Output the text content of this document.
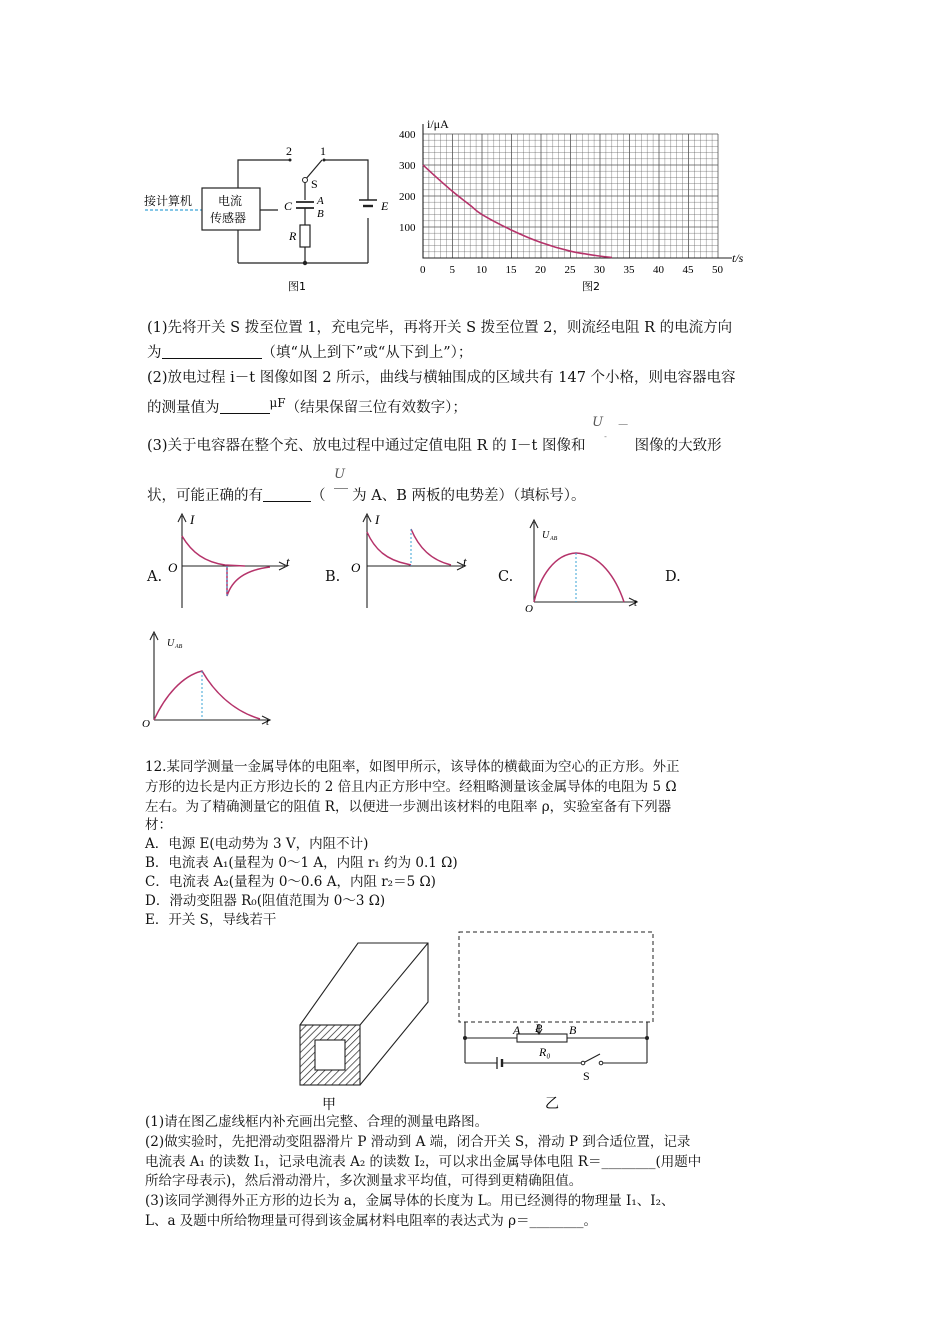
接计算机 电流
传感器
2 1
S
C A
B
R
E
图1
0 5 10 15 20 25 30 35 40 45 50
100
200
300
400
i/μA
t/s
图2
(1)先将开关 S 拨至位置 1，充电完毕，再将开关 S 拨至位置 2，则流经电阻 R 的电流方向
为	（填“从上到下”或“从下到上”）；
(2)放电过程 i－t 图像如图 2 所示，曲线与横轴围成的区域共有 147 个小格，则电容器电容
的测量值为	$^{\mu F}$（结果保留三位有效数字）；
(3)关于电容器在整个充、放电过程中通过定值电阻 R 的 I－t 图像和
U
-
－
图像的大致形
状，可能正确的有	（
U
为 A、B 两板的电势差）（填标号）。
A.
I
t
O
B.
I
t
O
C.
U AB
t
O
D.
U AB
t
O
12.某同学测量一金属导体的电阻率，如图甲所示，该导体的横截面为空心的正方形。外正
方形的边长是内正方形边长的 2 倍且内正方形中空。经粗略测量该金属导体的电阻为 5 Ω
左右。为了精确测量它的阻值 R，以便进一步测出该材料的电阻率 ρ，实验室备有下列器
材：
A．电源 E(电动势为 3 V，内阻不计)
B．电流表 A₁(量程为 0～1 A，内阻 r₁ 约为 0.1 Ω)
C．电流表 A₂(量程为 0～0.6 A，内阻 r₂＝5 Ω)
D．滑动变阻器 R₀(阻值范围为 0～3 Ω)
E．开关 S，导线若干
甲
A P B
R₀
S
乙
(1)请在图乙虚线框内补充画出完整、合理的测量电路图。
(2)做实验时，先把滑动变阻器滑片 P 滑动到 A 端，闭合开关 S，滑动 P 到合适位置，记录
电流表 A₁ 的读数 I₁，记录电流表 A₂ 的读数 I₂，可以求出金属导体电阻 R＝________(用题中
所给字母表示)，然后滑动滑片，多次测量求平均值，可得到更精确阻值。
(3)该同学测得外正方形的边长为 a，金属导体的长度为 L。用已经测得的物理量 I₁、I₂、
L、a 及题中所给物理量可得到该金属材料电阻率的表达式为 ρ＝________。
